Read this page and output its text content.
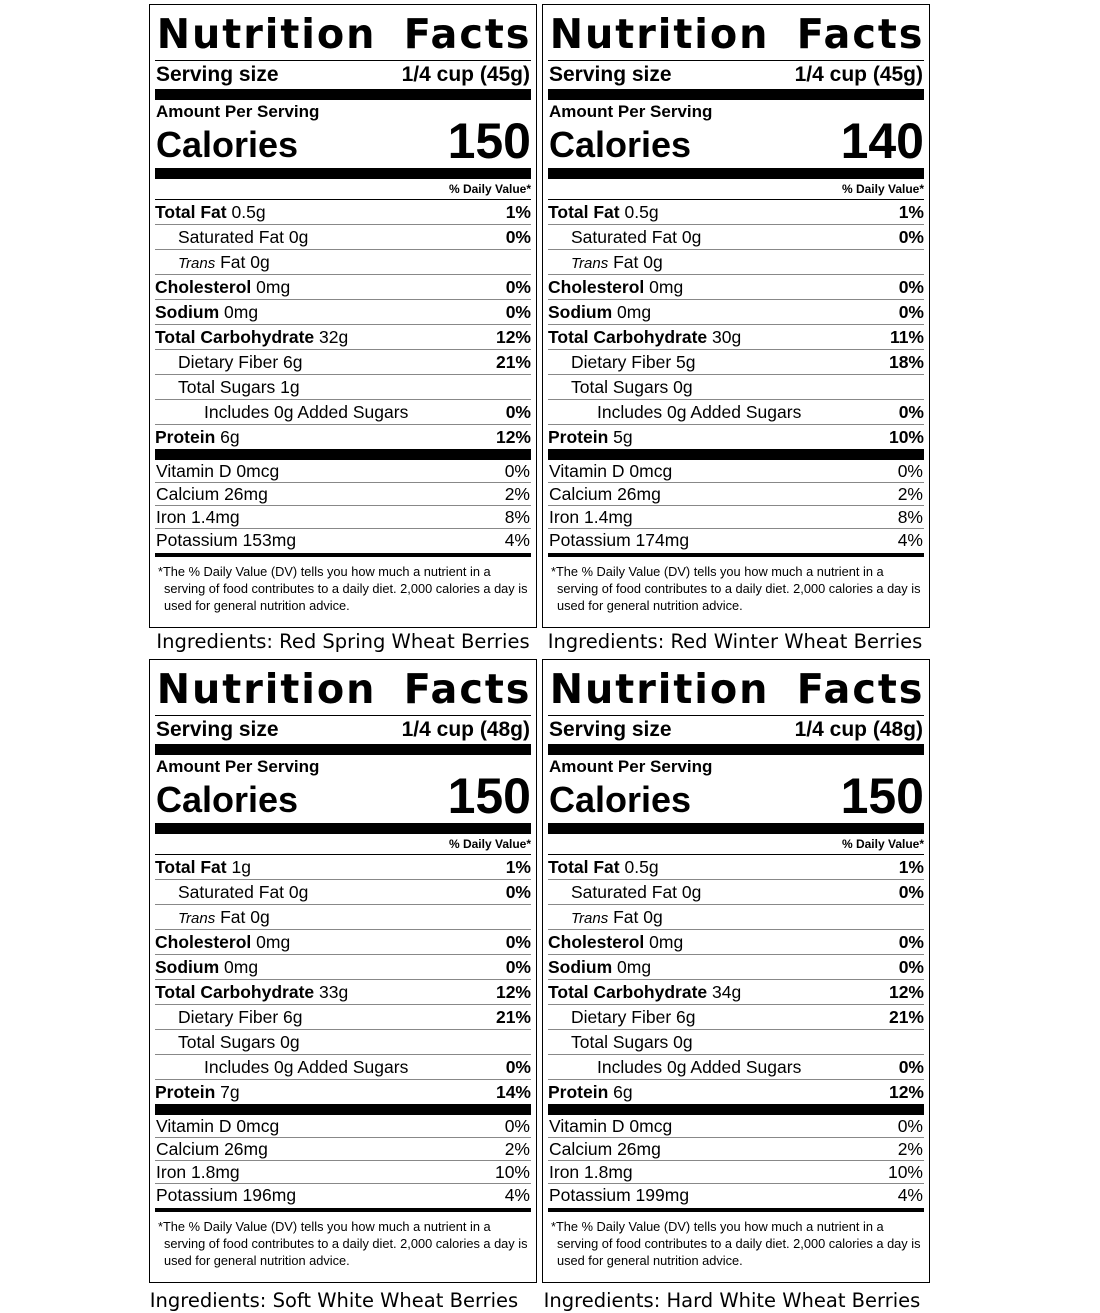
Nutrition Facts
Serving size	1/4 cup (45g)
Amount Per Serving
Calories	150
% Daily Value*
Total Fat 0.5g	1%
Saturated Fat 0g	0%
Trans Fat 0g
Cholesterol 0mg	0%
Sodium 0mg	0%
Total Carbohydrate 32g	12%
Dietary Fiber 6g	21%
Total Sugars 1g
Includes 0g Added Sugars	0%
Protein 6g	12%
Vitamin D 0mcg	0%
Calcium 26mg	2%
Iron 1.4mg	8%
Potassium 153mg	4%
*The % Daily Value (DV) tells you how much a nutrient in a serving of food contributes to a daily diet. 2,000 calories a day is used for general nutrition advice.
Ingredients: Red Spring Wheat Berries
Nutrition Facts
Serving size	1/4 cup (45g)
Amount Per Serving
Calories	140
% Daily Value*
Total Fat 0.5g	1%
Saturated Fat 0g	0%
Trans Fat 0g
Cholesterol 0mg	0%
Sodium 0mg	0%
Total Carbohydrate 30g	11%
Dietary Fiber 5g	18%
Total Sugars 0g
Includes 0g Added Sugars	0%
Protein 5g	10%
Vitamin D 0mcg	0%
Calcium 26mg	2%
Iron 1.4mg	8%
Potassium 174mg	4%
*The % Daily Value (DV) tells you how much a nutrient in a serving of food contributes to a daily diet. 2,000 calories a day is used for general nutrition advice.
Ingredients: Red Winter Wheat Berries
Nutrition Facts
Serving size	1/4 cup (48g)
Amount Per Serving
Calories	150
% Daily Value*
Total Fat 1g	1%
Saturated Fat 0g	0%
Trans Fat 0g
Cholesterol 0mg	0%
Sodium 0mg	0%
Total Carbohydrate 33g	12%
Dietary Fiber 6g	21%
Total Sugars 0g
Includes 0g Added Sugars	0%
Protein 7g	14%
Vitamin D 0mcg	0%
Calcium 26mg	2%
Iron 1.8mg	10%
Potassium 196mg	4%
*The % Daily Value (DV) tells you how much a nutrient in a serving of food contributes to a daily diet. 2,000 calories a day is used for general nutrition advice.
Ingredients: Soft White Wheat Berries
Nutrition Facts
Serving size	1/4 cup (48g)
Amount Per Serving
Calories	150
% Daily Value*
Total Fat 0.5g	1%
Saturated Fat 0g	0%
Trans Fat 0g
Cholesterol 0mg	0%
Sodium 0mg	0%
Total Carbohydrate 34g	12%
Dietary Fiber 6g	21%
Total Sugars 0g
Includes 0g Added Sugars	0%
Protein 6g	12%
Vitamin D 0mcg	0%
Calcium 26mg	2%
Iron 1.8mg	10%
Potassium 199mg	4%
*The % Daily Value (DV) tells you how much a nutrient in a serving of food contributes to a daily diet. 2,000 calories a day is used for general nutrition advice.
Ingredients: Hard White Wheat Berries
